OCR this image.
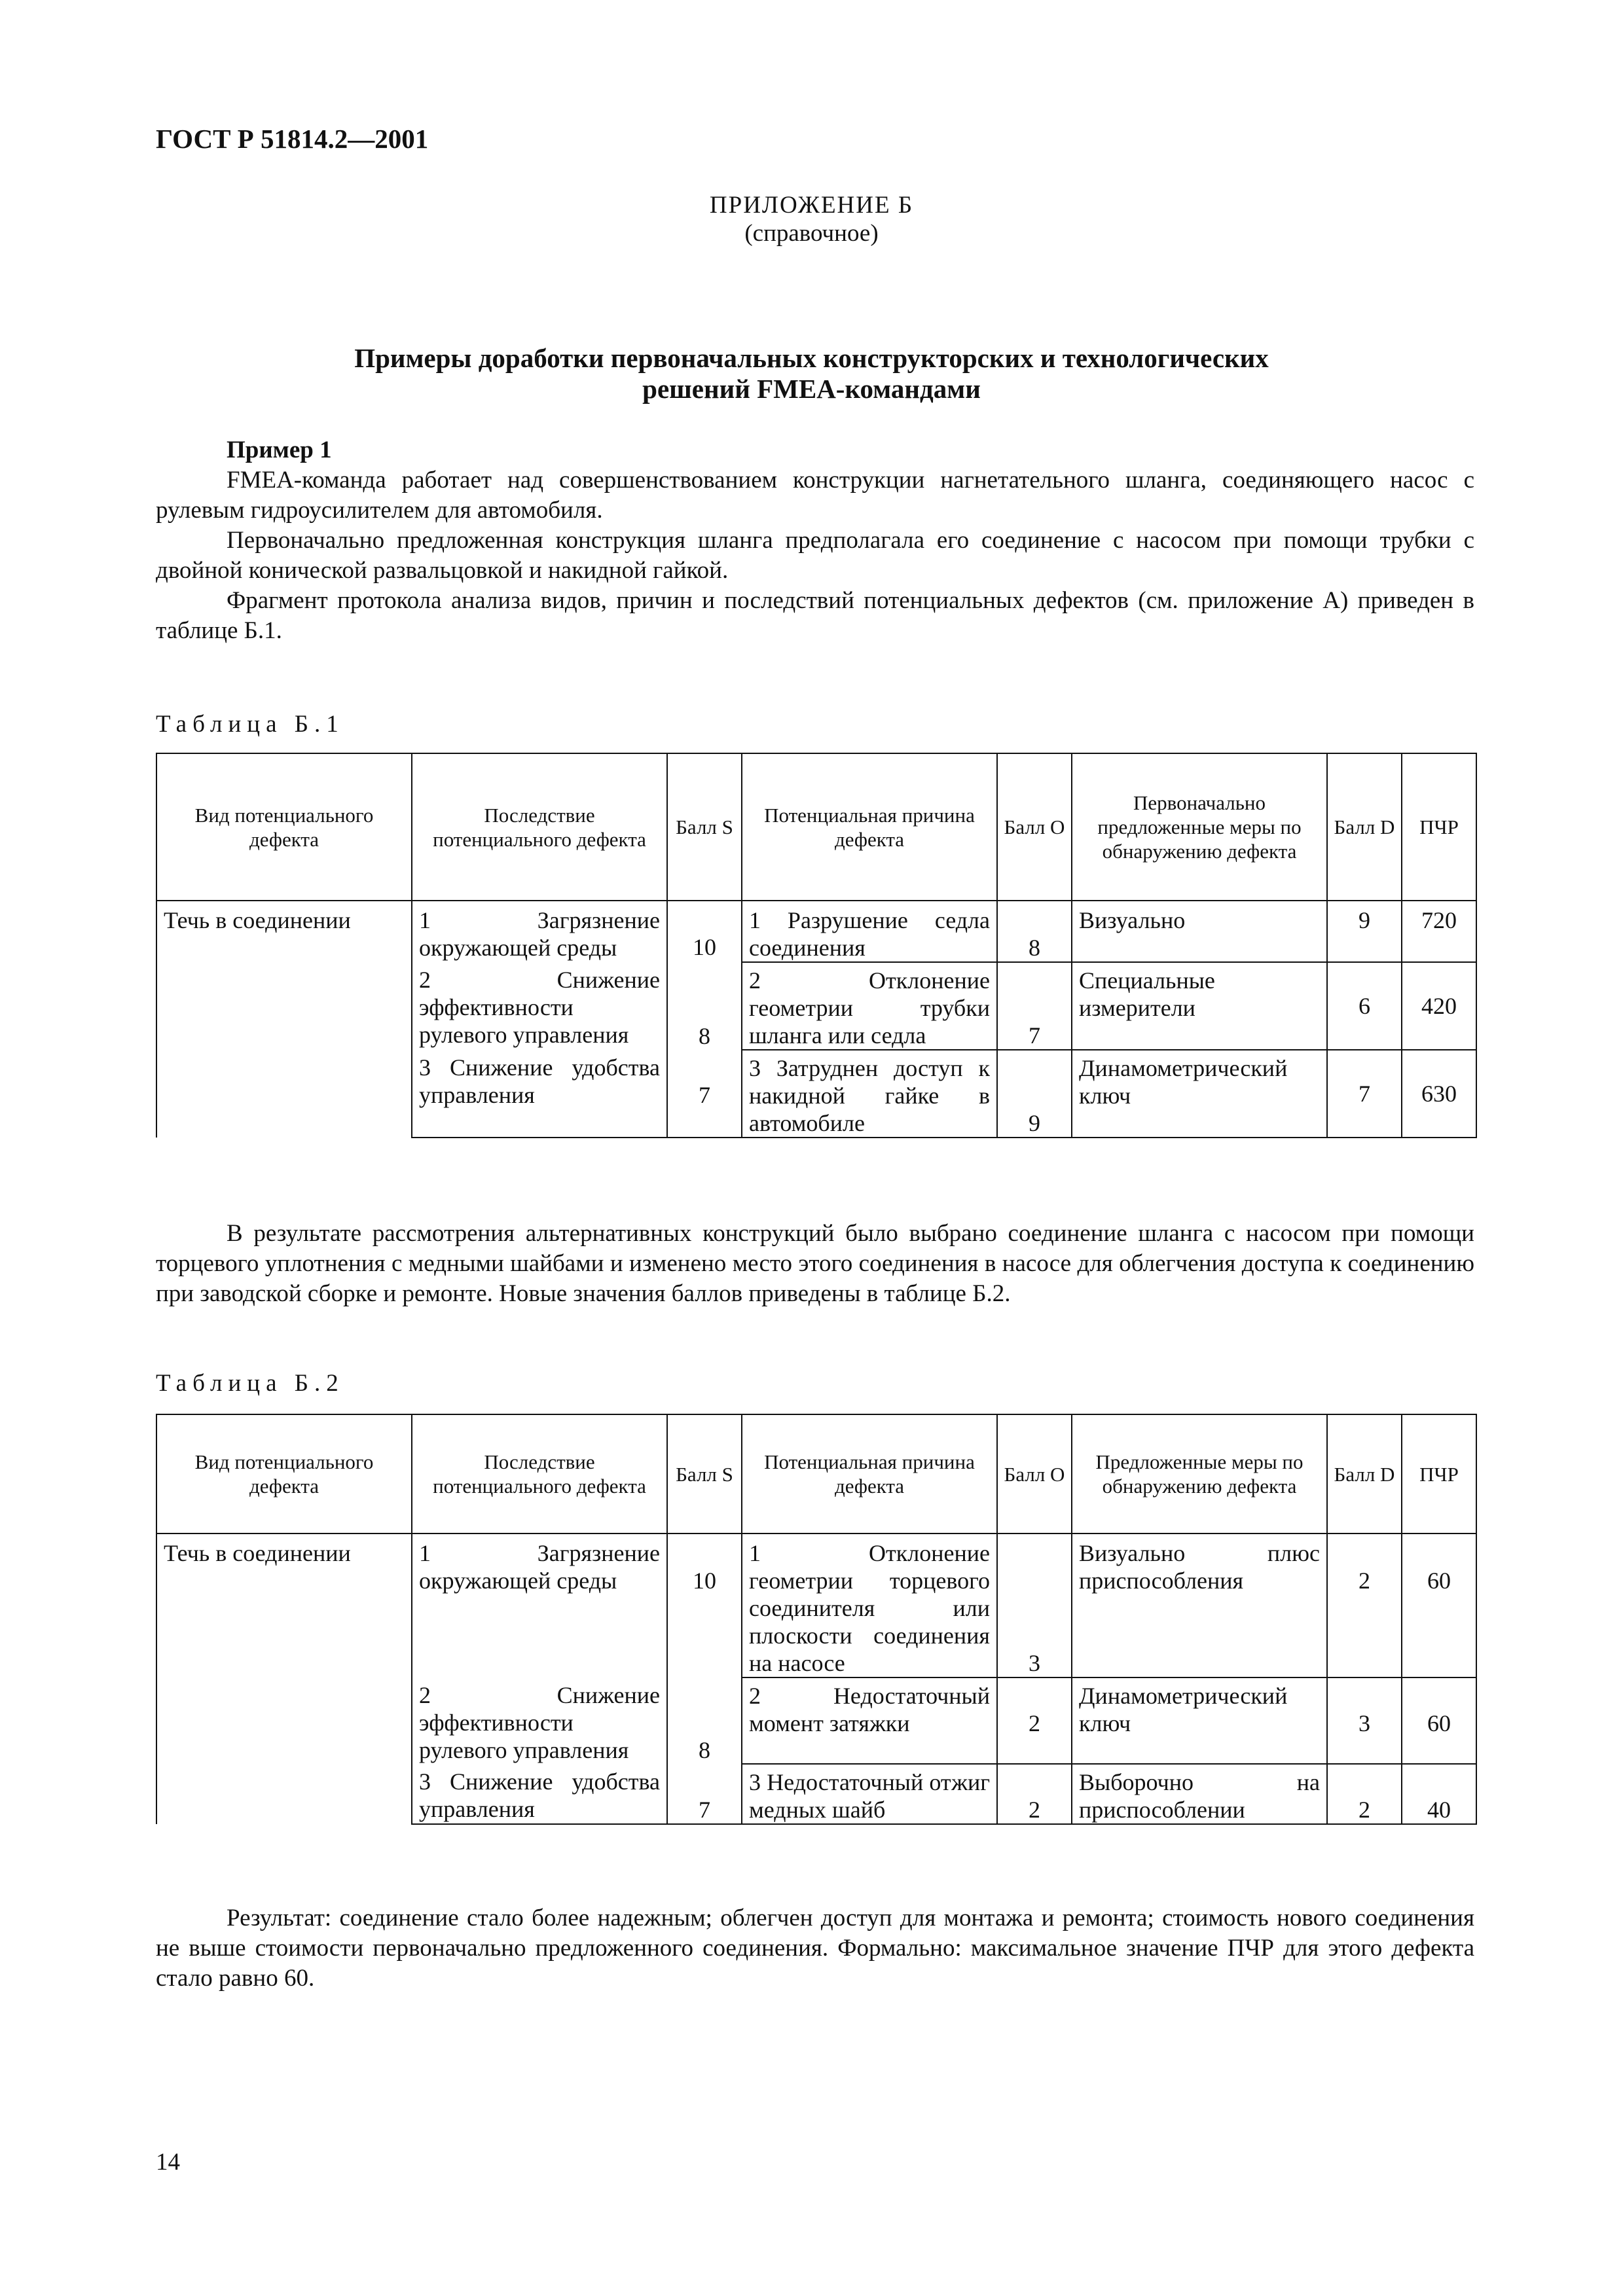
ГОСТ Р 51814.2—2001
ПРИЛОЖЕНИЕ Б
(справочное)
Примеры доработки первоначальных конструкторских и технологических
решений FMEA-командами

Пример 1

FMEA-команда работает над совершенствованием конструкции нагнетательного шланга, соединяющего насос с рулевым гидроусилителем для автомобиля.

Первоначально предложенная конструкция шланга предполагала его соединение с насосом при помощи трубки с двойной конической развальцовкой и накидной гайкой.

Фрагмент протокола анализа видов, причин и последствий потенциальных дефектов (см. приложение А) приведен в таблице Б.1.

Таблица Б.1
Вид потенциального дефекта	Последствие потенциального дефекта	Балл S	Потенциальная причина дефекта	Балл O	Первоначально предложенные меры по обнаружению дефекта	Балл D	ПЧР
Течь в соединении	1 Загрязнение окружающей среды	10	1 Разрушение седла соединения	8	Визуально	9	720
	2 Снижение эффективности рулевого управления	8	2 Отклонение геометрии трубки шланга или седла	7	Специальные измерители	6	420
	3 Снижение удобства управления	7	3 Затруднен доступ к накидной гайке в автомобиле	9	Динамометрический ключ	7	630

В результате рассмотрения альтернативных конструкций было выбрано соединение шланга с насосом при помощи торцевого уплотнения с медными шайбами и изменено место этого соединения в насосе для облегчения доступа к соединению при заводской сборке и ремонте. Новые значения баллов приведены в таблице Б.2.

Таблица Б.2
Вид потенциального дефекта	Последствие потенциального дефекта	Балл S	Потенциальная причина дефекта	Балл O	Предложенные меры по обнаружению дефекта	Балл D	ПЧР
Течь в соединении	1 Загрязнение окружающей среды	10	1 Отклонение геометрии торцевого соединителя или плоскости соединения на насосе	3	Визуально плюс приспособления	2	60
	2 Снижение эффективности рулевого управления	8	2 Недостаточный момент затяжки	2	Динамометрический ключ	3	60
	3 Снижение удобства управления	7	3 Недостаточный отжиг медных шайб	2	Выборочно на приспособлении	2	40

Результат: соединение стало более надежным; облегчен доступ для монтажа и ремонта; стоимость нового соединения не выше стоимости первоначально предложенного соединения. Формально: максимальное значение ПЧР для этого дефекта стало равно 60.

14
